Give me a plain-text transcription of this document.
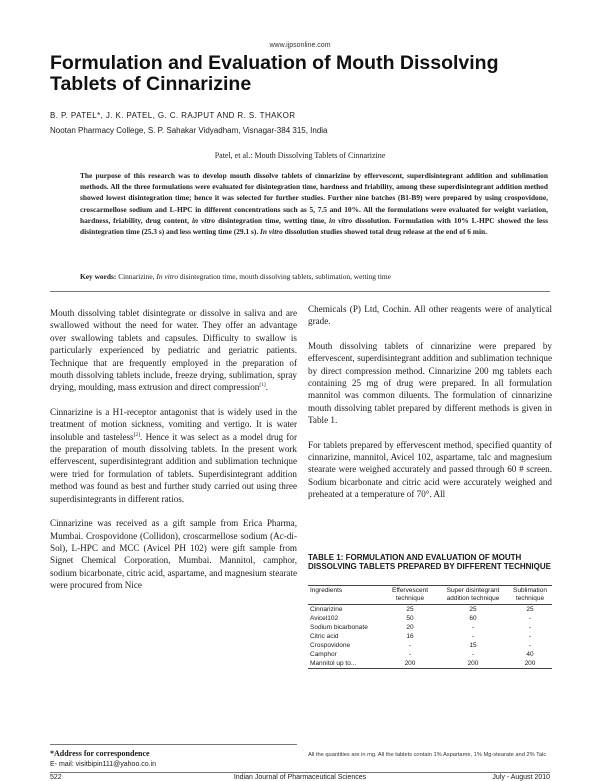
www.ijpsonline.com
Formulation and Evaluation of Mouth Dissolving Tablets of Cinnarizine
B. P. PATEL*, J. K. PATEL, G. C. RAJPUT AND R. S. THAKOR
Nootan Pharmacy College, S. P. Sahakar Vidyadham, Visnagar-384 315, India
Patel, et al.: Mouth Dissolving Tablets of Cinnarizine
The purpose of this research was to develop mouth dissolve tablets of cinnarizine by effervescent, superdisintegrant addition and sublimation methods. All the three formulations were evaluated for disintegration time, hardness and friability, among these superdisintegrant addition method showed lowest disintegration time; hence it was selected for further studies. Further nine batches (B1-B9) were prepared by using crospovidone, croscarmellose sodium and L-HPC in different concentrations such as 5, 7.5 and 10%. All the formulations were evaluated for weight variation, hardness, friability, drug content, in vitro disintegration time, wetting time, in vitro dissolution. Formulation with 10% L-HPC showed the less disintegration time (25.3 s) and less wetting time (29.1 s). In vitro dissolution studies showed total drug release at the end of 6 min.
Key words: Cinnarizine, In vitro disintegration time, mouth dissolving tablets, sublimation, wetting time

Mouth dissolving tablet disintegrate or dissolve in saliva and are swallowed without the need for water. They offer an advantage over swallowing tablets and capsules. Difficulty to swallow is particularly experienced by pediatric and geriatric patients. Technique that are frequently employed in the preparation of mouth dissolving tablets include, freeze drying, sublimation, spray drying, moulding, mass extrusion and direct compression[1].

Cinnarizine is a H1-receptor antagonist that is widely used in the treatment of motion sickness, vomiting and vertigo. It is water insoluble and tasteless[2]. Hence it was select as a model drug for the preparation of mouth dissolving tablets. In the present work effervescent, superdisintegrant addition and sublimation technique were tried for formulation of tablets. Superdisintegrant addition method was found as best and further study carried out using three superdisintegrants in different ratios.

Cinnarizine was received as a gift sample from Erica Pharma, Mumbai. Crospovidone (Collidon), croscarmellose sodium (Ac-di-Sol), L-HPC and MCC (Avicel PH 102) were gift sample from Signet Chemical Corporation, Mumbai. Mannitol, camphor, sodium bicarbonate, citric acid, aspartame, and magnesium stearate were procured from Nice

Chemicals (P) Ltd, Cochin. All other reagents were of analytical grade.

Mouth dissolving tablets of cinnarizine were prepared by effervescent, superdisintegrant addition and sublimation technique by direct compression method. Cinnarizine 200 mg tablets each containing 25 mg of drug were prepared. In all formulation mannitol was common diluents. The formulation of cinnarizine mouth dissolving tablet prepared by different methods is given in Table 1.

For tablets prepared by effervescent method, specified quantity of cinnarizine, mannitol, Avicel 102, aspartame, talc and magnesium stearate were weighed accurately and passed through 60 # screen. Sodium bicarbonate and citric acid were accurately weighed and preheated at a temperature of 70°. All

TABLE 1: FORMULATION AND EVALUATION OF MOUTH DISSOLVING TABLETS PREPARED BY DIFFERENT TECHNIQUE
Ingredients	Effervescent technique	Super disintegrant addition technique	Sublimation technique
Cinnarizine	25	25	25
Avicel102	50	60	-
Sodium bicarbonate	20	-	-
Citric acid	16	-	-
Crospovidone	-	15	-
Camphor	-	-	40
Mannitol up to...	200	200	200
All the quantities are in mg. All the tablets contain 1% Aspartame, 1% Mg-stearate and 2% Talc
*Address for correspondence
E- mail: visitbipin111@yahoo.co.in
522	Indian Journal of Pharmaceutical Sciences	July - August 2010
